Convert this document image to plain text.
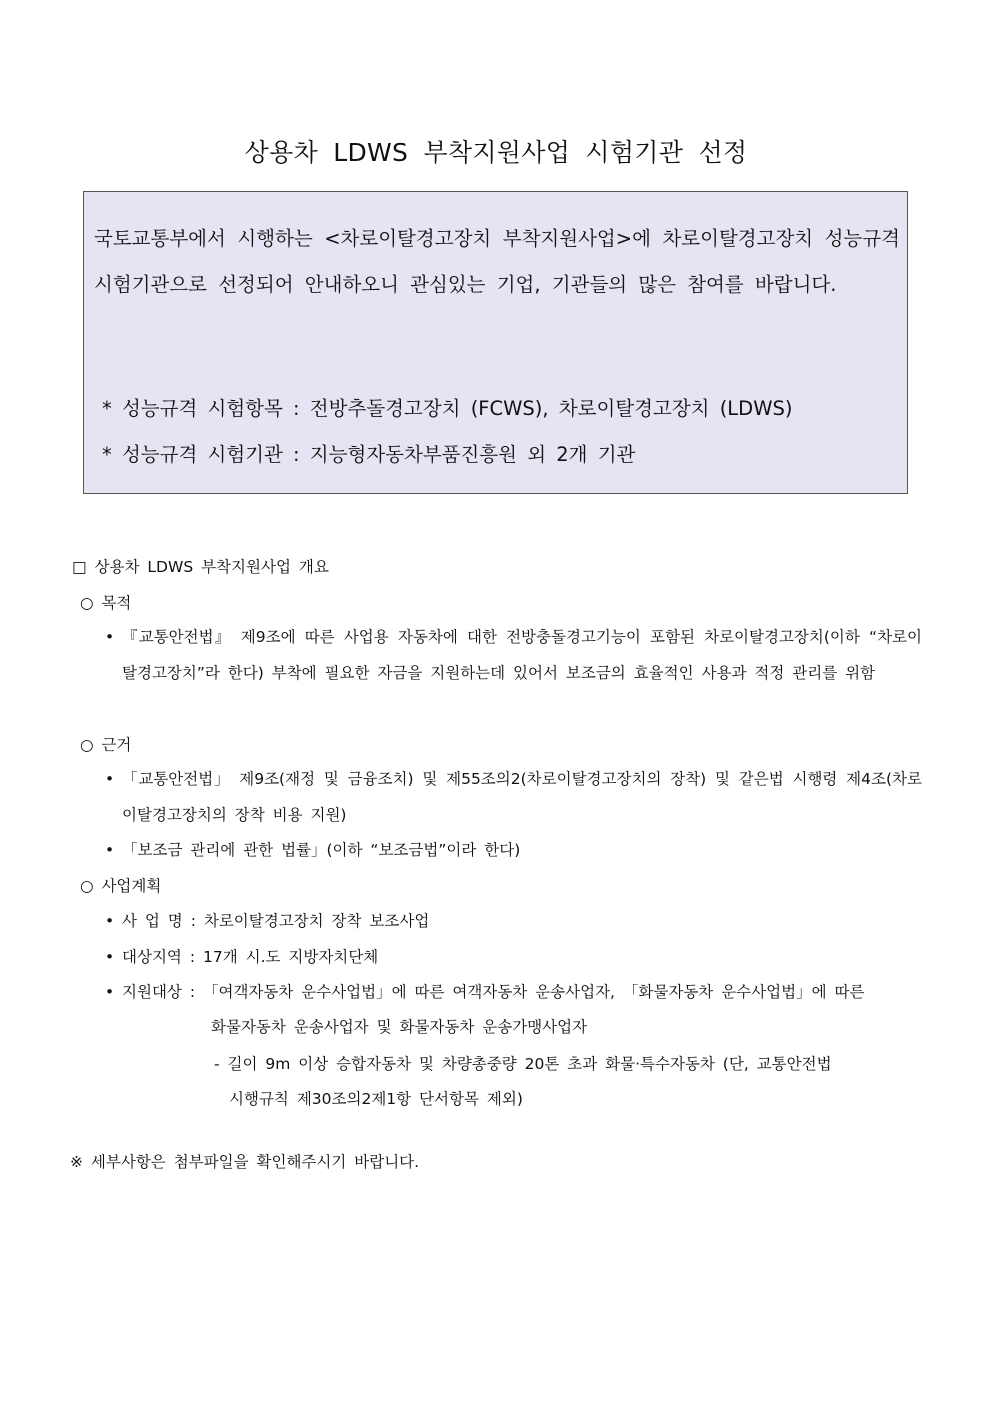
상용차 LDWS 부착지원사업 시험기관 선정

국토교통부에서 시행하는 <차로이탈경고장치 부착지원사업>에 차로이탈경고장치 성능규격 시험기관으로 선정되어 안내하오니 관심있는 기업, 기관들의 많은 참여를 바랍니다.

* 성능규격 시험항목 : 전방추돌경고장치 (FCWS), 차로이탈경고장치 (LDWS)
* 성능규격 시험기관 : 지능형자동차부품진흥원 외 2개 기관
□ 상용차 LDWS 부착지원사업 개요
○ 목적
• 『교통안전법』 제9조에 따른 사업용 자동차에 대한 전방충돌경고기능이 포함된 차로이탈경고장치(이하 “차로이탈경고장치”라 한다) 부착에 필요한 자금을 지원하는데 있어서 보조금의 효율적인 사용과 적정 관리를 위함

○ 근거
• 「교통안전법」 제9조(재정 및 금융조치) 및 제55조의2(차로이탈경고장치의 장착) 및 같은법 시행령 제4조(차로이탈경고장치의 장착 비용 지원)

• 「보조금 관리에 관한 법률」(이하 “보조금법”이라 한다)
○ 사업계획
• 사 업 명 : 차로이탈경고장치 장착 보조사업
• 대상지역 : 17개 시.도 지방자치단체
• 지원대상 : 「여객자동차 운수사업법」에 따른 여객자동차 운송사업자, 「화물자동차 운수사업법」에 따른
화물자동차 운송사업자 및 화물자동차 운송가맹사업자
- 길이 9m 이상 승합자동차 및 차량총중량 20톤 초과 화물·특수자동차 (단, 교통안전법
시행규칙 제30조의2제1항 단서항목 제외)
※ 세부사항은 첨부파일을 확인해주시기 바랍니다.
